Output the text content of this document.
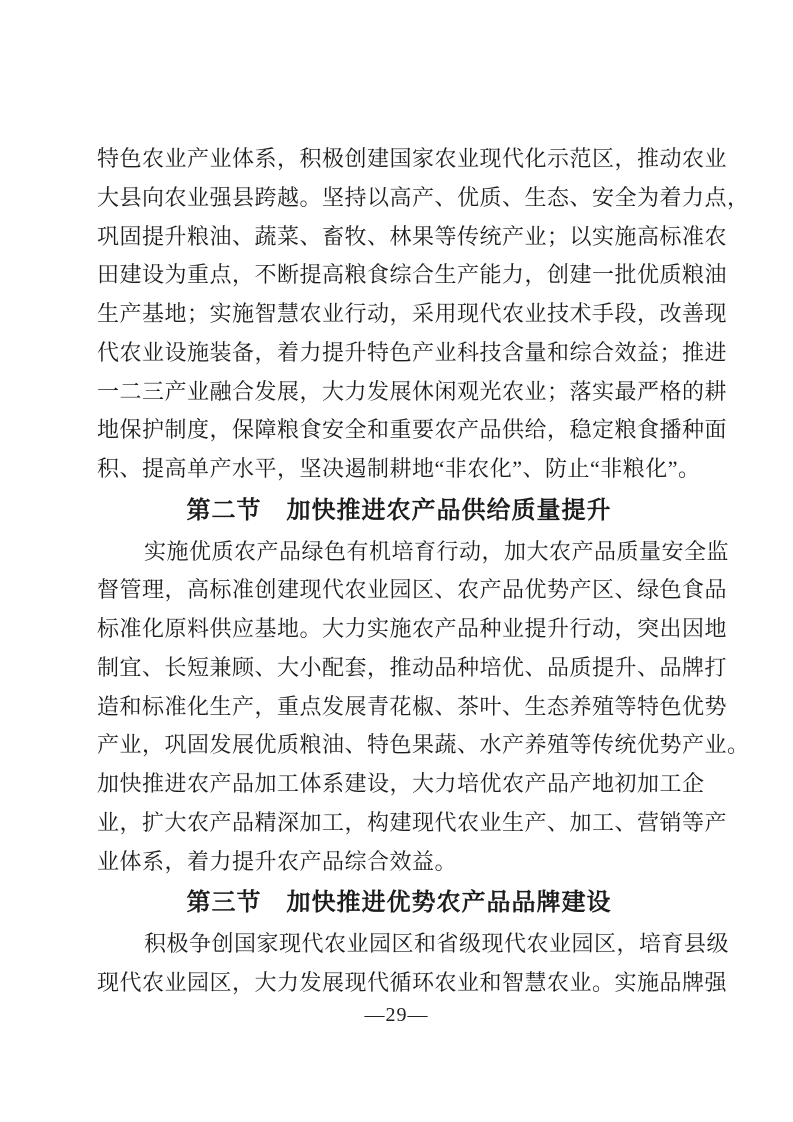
特色农业产业体系，积极创建国家农业现代化示范区，推动农业
大县向农业强县跨越。坚持以高产、优质、生态、安全为着力点，
巩固提升粮油、蔬菜、畜牧、林果等传统产业；以实施高标准农
田建设为重点，不断提高粮食综合生产能力，创建一批优质粮油
生产基地；实施智慧农业行动，采用现代农业技术手段，改善现
代农业设施装备，着力提升特色产业科技含量和综合效益；推进
一二三产业融合发展，大力发展休闲观光农业；落实最严格的耕
地保护制度，保障粮食安全和重要农产品供给，稳定粮食播种面
积、提高单产水平，坚决遏制耕地“非农化”、防止“非粮化”。
第二节　加快推进农产品供给质量提升
实施优质农产品绿色有机培育行动，加大农产品质量安全监
督管理，高标准创建现代农业园区、农产品优势产区、绿色食品
标准化原料供应基地。大力实施农产品种业提升行动，突出因地
制宜、长短兼顾、大小配套，推动品种培优、品质提升、品牌打
造和标准化生产，重点发展青花椒、茶叶、生态养殖等特色优势
产业，巩固发展优质粮油、特色果蔬、水产养殖等传统优势产业。
加快推进农产品加工体系建设，大力培优农产品产地初加工企
业，扩大农产品精深加工，构建现代农业生产、加工、营销等产
业体系，着力提升农产品综合效益。
第三节　加快推进优势农产品品牌建设
积极争创国家现代农业园区和省级现代农业园区，培育县级
现代农业园区，大力发展现代循环农业和智慧农业。实施品牌强
—29—
